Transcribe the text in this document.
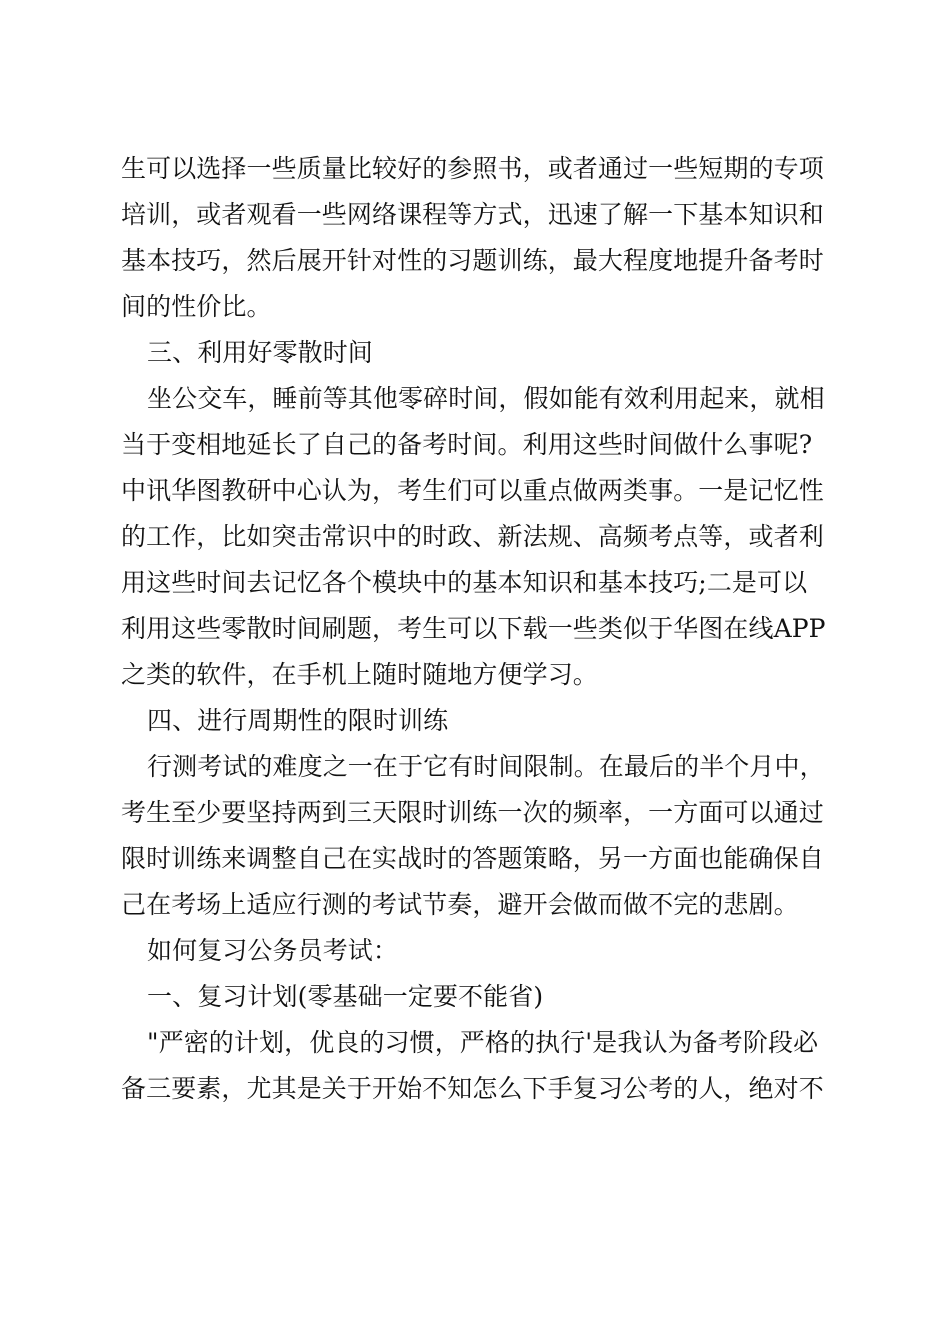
生可以选择一些质量比较好的参照书，或者通过一些短期的专项
培训，或者观看一些网络课程等方式，迅速了解一下基本知识和
基本技巧，然后展开针对性的习题训练，最大程度地提升备考时
间的性价比。
三、利用好零散时间
坐公交车，睡前等其他零碎时间，假如能有效利用起来，就相
当于变相地延长了自己的备考时间。利用这些时间做什么事呢?
中讯华图教研中心认为，考生们可以重点做两类事。一是记忆性
的工作，比如突击常识中的时政、新法规、高频考点等，或者利
用这些时间去记忆各个模块中的基本知识和基本技巧;二是可以
利用这些零散时间刷题，考生可以下载一些类似于华图在线APP
之类的软件，在手机上随时随地方便学习。
四、进行周期性的限时训练
行测考试的难度之一在于它有时间限制。在最后的半个月中，
考生至少要坚持两到三天限时训练一次的频率，一方面可以通过
限时训练来调整自己在实战时的答题策略，另一方面也能确保自
己在考场上适应行测的考试节奏，避开会做而做不完的悲剧。
如何复习公务员考试：
一、复习计划(零基础一定要不能省)
"严密的计划，优良的习惯，严格的执行'是我认为备考阶段必
备三要素，尤其是关于开始不知怎么下手复习公考的人，绝对不
